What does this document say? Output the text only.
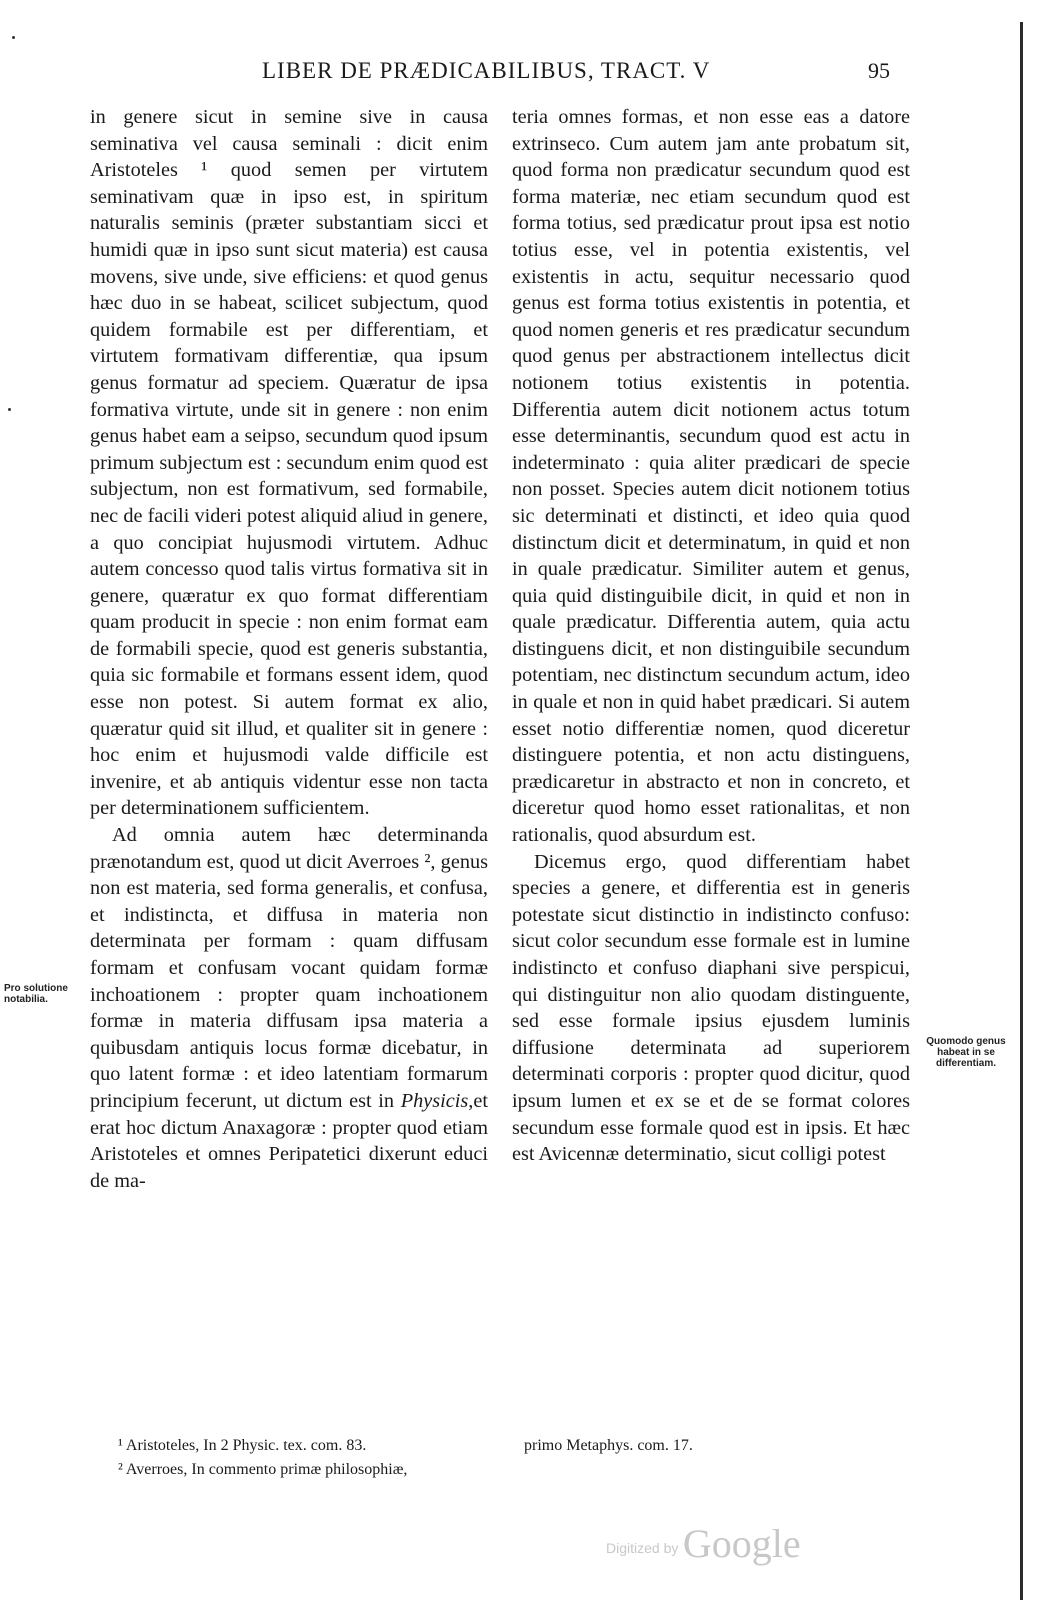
LIBER DE PRÆDICABILIBUS, TRACT. V	95

in genere sicut in semine sive in causa seminativa vel causa seminali : dicit enim Aristoteles ¹ quod semen per virtutem seminativam quæ in ipso est, in spiritum naturalis seminis (præter substantiam sicci et humidi quæ in ipso sunt sicut materia) est causa movens, sive unde, sive efficiens: et quod genus hæc duo in se habeat, scilicet subjectum, quod quidem formabile est per differentiam, et virtutem formativam differentiæ, qua ipsum genus formatur ad speciem. Quæratur de ipsa formativa virtute, unde sit in genere : non enim genus habet eam a seipso, secundum quod ipsum primum subjectum est : secundum enim quod est subjectum, non est formativum, sed formabile, nec de facili videri potest aliquid aliud in genere, a quo concipiat hujusmodi virtutem. Adhuc autem concesso quod talis virtus formativa sit in genere, quæratur ex quo format differentiam quam producit in specie : non enim format eam de formabili specie, quod est generis substantia, quia sic formabile et formans essent idem, quod esse non potest. Si autem format ex alio, quæratur quid sit illud, et qualiter sit in genere : hoc enim et hujusmodi valde difficile est invenire, et ab antiquis videntur esse non tacta per determinationem sufficientem.

Ad omnia autem hæc determinanda prænotandum est, quod ut dicit Averroes ², genus non est materia, sed forma generalis, et confusa, et indistincta, et diffusa in materia non determinata per formam : quam diffusam formam et confusam vocant quidam formæ inchoationem : propter quam inchoationem formæ in materia diffusam ipsa materia a quibusdam antiquis locus formæ dicebatur, in quo latent formæ : et ideo latentiam formarum principium fecerunt, ut dictum est in Physicis,et erat hoc dictum Anaxagoræ : propter quod etiam Aristoteles et omnes Peripatetici dixerunt educi de ma-

teria omnes formas, et non esse eas a datore extrinseco. Cum autem jam ante probatum sit, quod forma non prædicatur secundum quod est forma materiæ, nec etiam secundum quod est forma totius, sed prædicatur prout ipsa est notio totius esse, vel in potentia existentis, vel existentis in actu, sequitur necessario quod genus est forma totius existentis in potentia, et quod nomen generis et res prædicatur secundum quod genus per abstractionem intellectus dicit notionem totius existentis in potentia. Differentia autem dicit notionem actus totum esse determinantis, secundum quod est actu in indeterminato : quia aliter prædicari de specie non posset. Species autem dicit notionem totius sic determinati et distincti, et ideo quia quod distinctum dicit et determinatum, in quid et non in quale prædicatur. Similiter autem et genus, quia quid distinguibile dicit, in quid et non in quale prædicatur. Differentia autem, quia actu distinguens dicit, et non distinguibile secundum potentiam, nec distinctum secundum actum, ideo in quale et non in quid habet prædicari. Si autem esset notio differentiæ nomen, quod diceretur distinguere potentia, et non actu distinguens, prædicaretur in abstracto et non in concreto, et diceretur quod homo esset rationalitas, et non rationalis, quod absurdum est.

Dicemus ergo, quod differentiam habet species a genere, et differentia est in generis potestate sicut distinctio in indistincto confuso: sicut color secundum esse formale est in lumine indistincto et confuso diaphani sive perspicui, qui distinguitur non alio quodam distinguente, sed esse formale ipsius ejusdem luminis diffusione determinata ad superiorem determinati corporis : propter quod dicitur, quod ipsum lumen et ex se et de se format colores secundum esse formale quod est in ipsis. Et hæc est Avicennæ determinatio, sicut colligi potest

Pro solutione notabilia.
Quomodo genus habeat in se differentiam.
¹ Aristoteles, In 2 Physic. tex. com. 83.
² Averroes, In commento primæ philosophiæ,
primo Metaphys. com. 17.
Digitized by Google
